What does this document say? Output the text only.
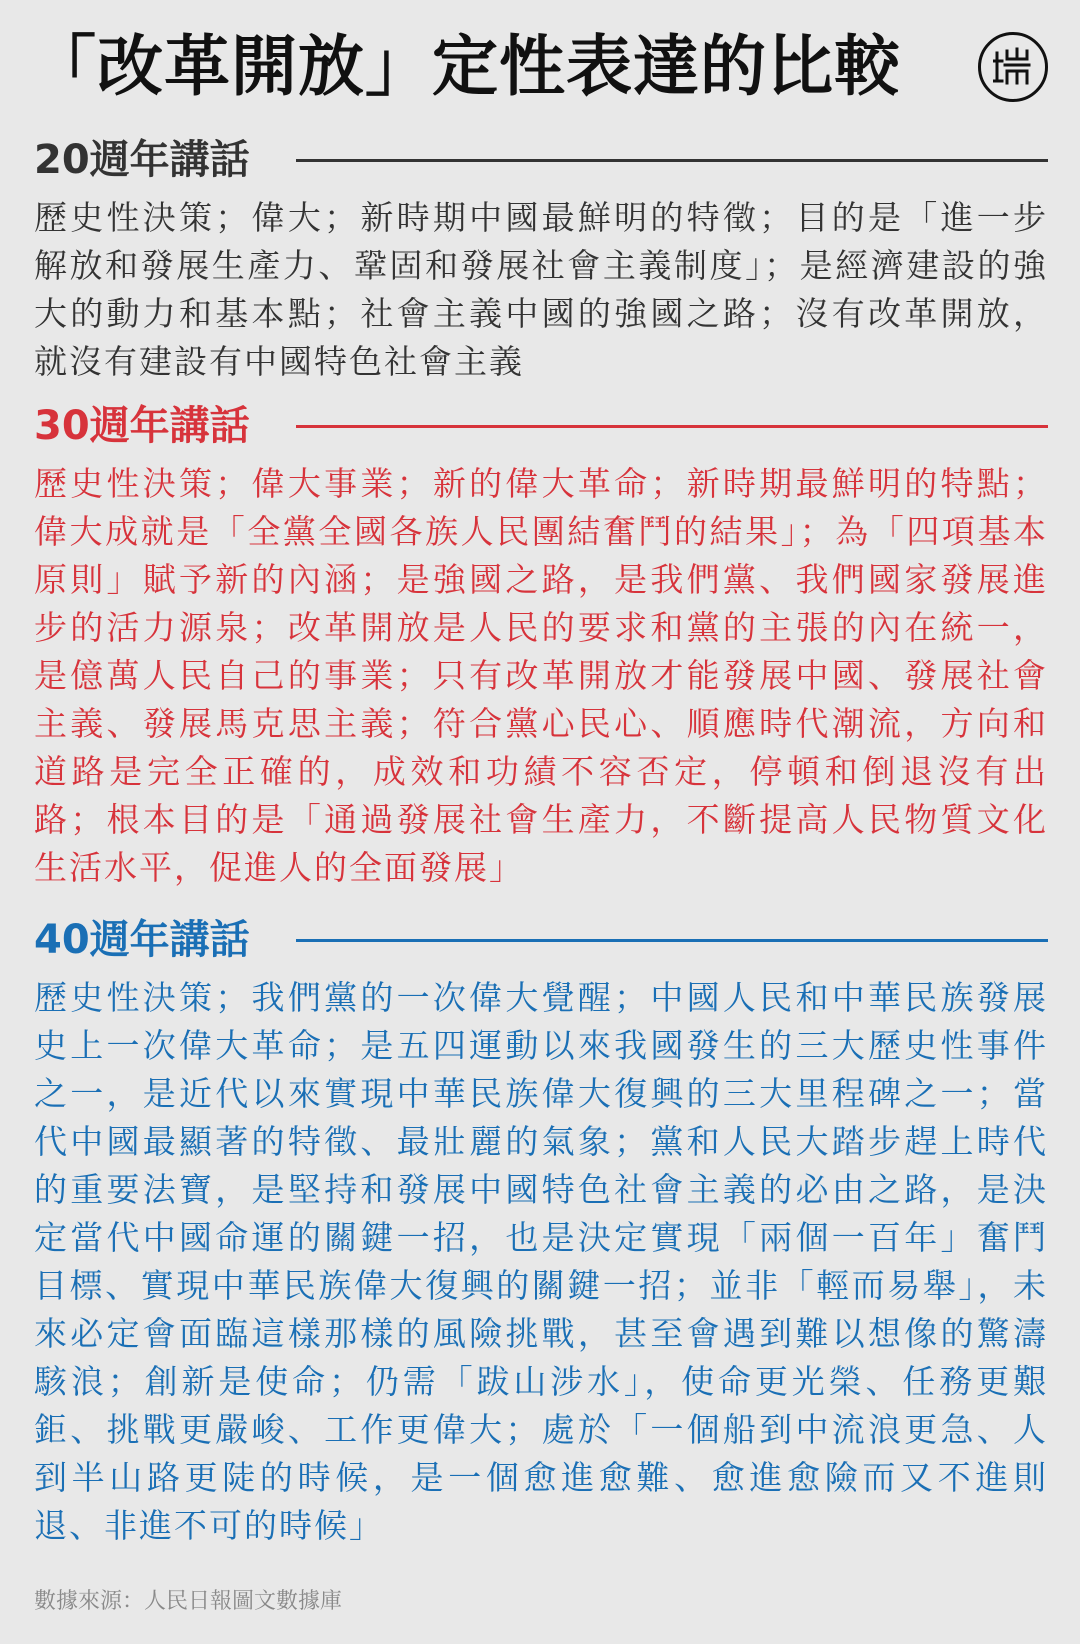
「改革開放」定性表達的比較
20週年講話
歷史性決策；偉大；新時期中國最鮮明的特徵；目的是「進一步解放和發展生產力、鞏固和發展社會主義制度」；是經濟建設的強大的動力和基本點；社會主義中國的強國之路；沒有改革開放，就沒有建設有中國特色社會主義
30週年講話
歷史性決策；偉大事業；新的偉大革命；新時期最鮮明的特點；偉大成就是「全黨全國各族人民團結奮鬥的結果」；為「四項基本原則」賦予新的內涵；是強國之路，是我們黨、我們國家發展進步的活力源泉；改革開放是人民的要求和黨的主張的內在統一，是億萬人民自己的事業；只有改革開放才能發展中國、發展社會主義、發展馬克思主義；符合黨心民心、順應時代潮流，方向和道路是完全正確的，成效和功績不容否定，停頓和倒退沒有出路；根本目的是「通過發展社會生產力，不斷提高人民物質文化生活水平，促進人的全面發展」
40週年講話
歷史性決策；我們黨的一次偉大覺醒；中國人民和中華民族發展史上一次偉大革命；是五四運動以來我國發生的三大歷史性事件之一，是近代以來實現中華民族偉大復興的三大里程碑之一；當代中國最顯著的特徵、最壯麗的氣象；黨和人民大踏步趕上時代的重要法寶，是堅持和發展中國特色社會主義的必由之路，是決定當代中國命運的關鍵一招，也是決定實現「兩個一百年」奮鬥目標、實現中華民族偉大復興的關鍵一招；並非「輕而易舉」，未來必定會面臨這樣那樣的風險挑戰，甚至會遇到難以想像的驚濤駭浪；創新是使命；仍需「跋山涉水」，使命更光榮、任務更艱鉅、挑戰更嚴峻、工作更偉大；處於「一個船到中流浪更急、人到半山路更陡的時候，是一個愈進愈難、愈進愈險而又不進則退、非進不可的時候」
數據來源：人民日報圖文數據庫
